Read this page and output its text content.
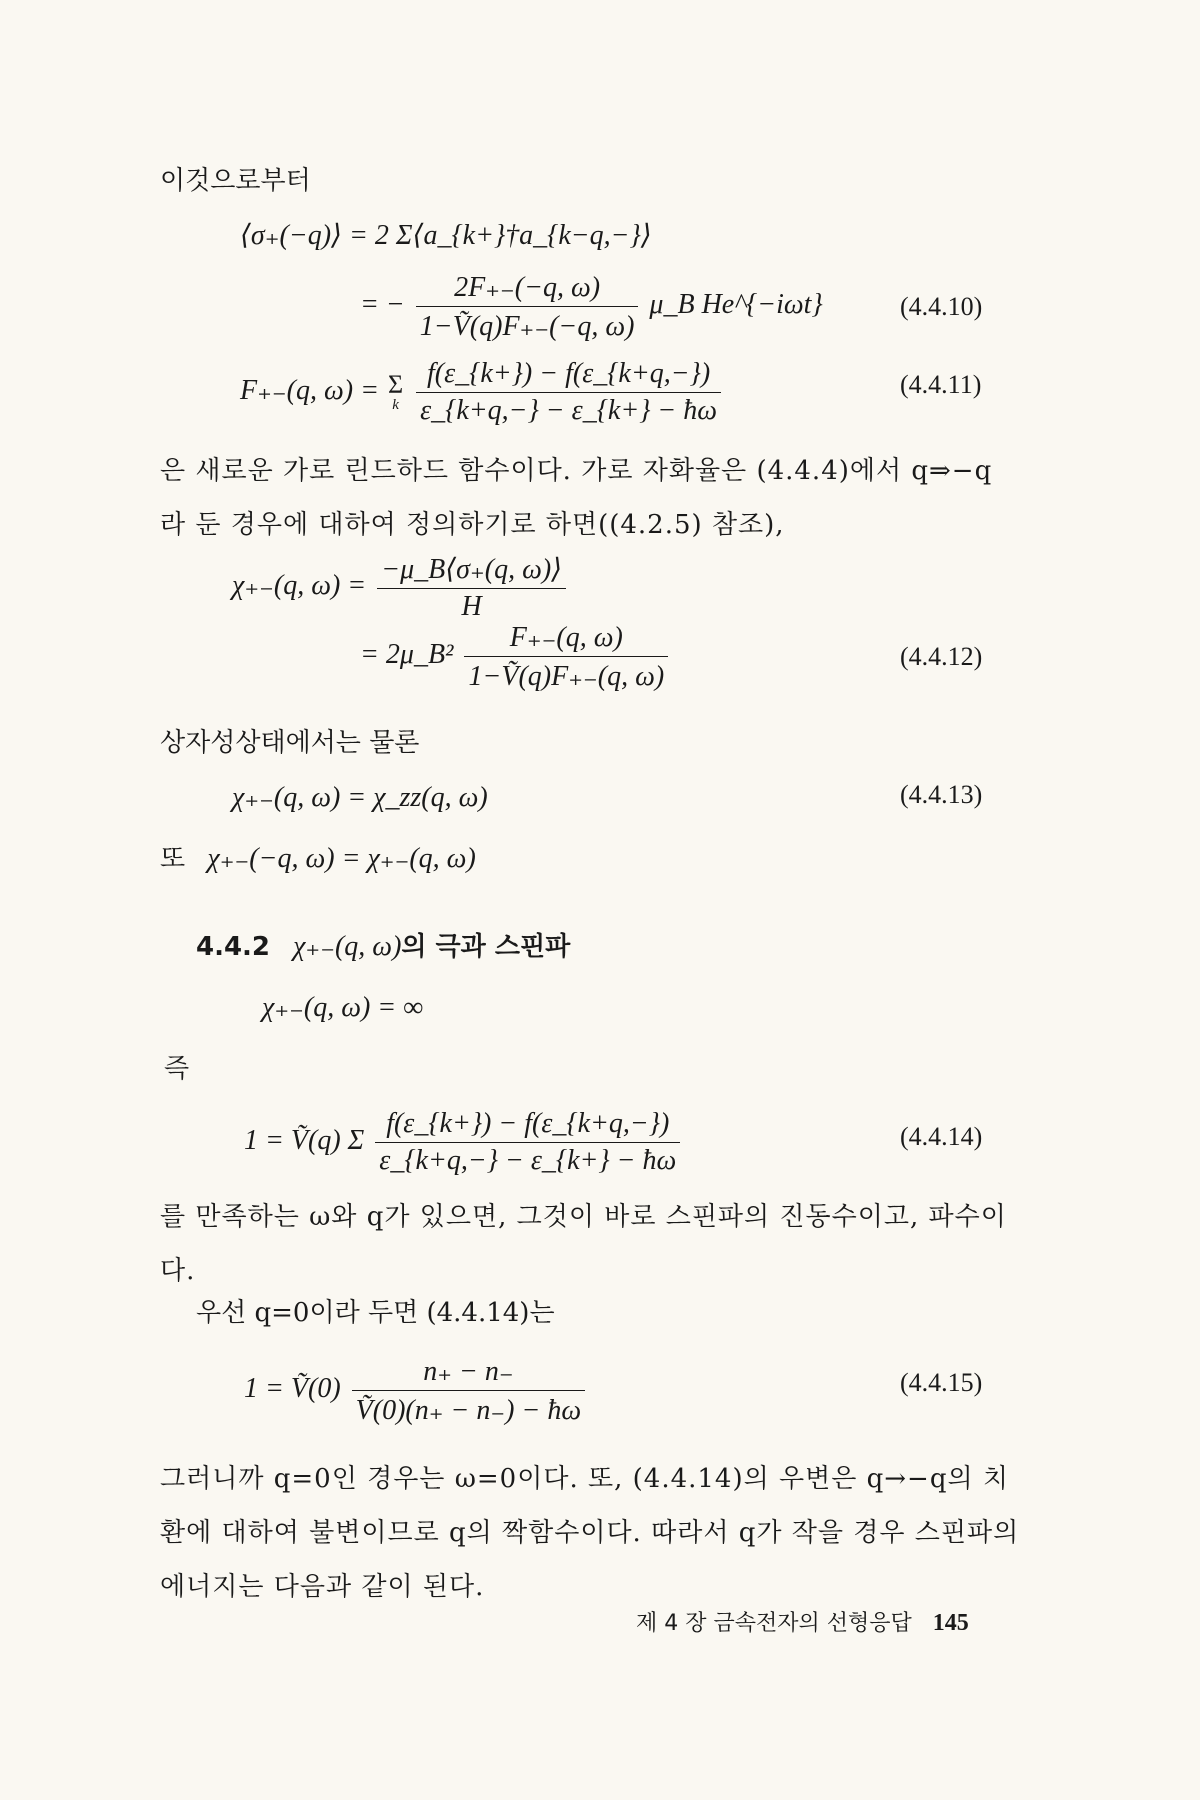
이것으로부터
⟨σ₊(−q)⟩ = 2 Σ⟨a_{k+}†a_{k−q,−}⟩
= − $\frac{2F_{+-}(-q, \omega)}{\text{1−Ṽ(q)F₊₋(−q, ω)}}$ μ_B He^{−iωt}	(4.4.10)
F₊₋(q, ω) = Σ
k
$\frac{f(\varepsilon\_\{k+\}) - f(\varepsilon\_\{k+q,-\})}{\varepsilon\_\{k+q,-\} - \varepsilon\_\{k+\} - ħ\omega}$	(4.4.11)
은 새로운 가로 린드하드 함수이다. 가로 자화율은 (4.4.4)에서 q⇒−q 라 둔 경우에 대하여 정의하기로 하면((4.2.5) 참조),
χ₊₋(q, $\omega) = \frac{-\mu\_B⟨\sigma_+(q, \omega)⟩}{H}$
= 2μ_B² $\frac{F_{+-}(q, \omega)}{\text{1−Ṽ(q)F₊₋(q, ω)}}$	(4.4.12)
상자성상태에서는 물론
χ₊₋(q, ω) = χ_zz(q, ω)	(4.4.13)
또 χ₊₋(−q, ω) = χ₊₋(q, ω)
4.4.2 χ₊₋(q, ω)의 극과 스핀파
χ₊₋(q, ω) = ∞
즉
1 = Ṽ(q) Σ $\frac{f(\varepsilon\_\{k+\}) - f(\varepsilon\_\{k+q,-\})}{\varepsilon\_\{k+q,-\} - \varepsilon\_\{k+\} - ħ\omega}$	(4.4.14)
를 만족하는 ω와 q가 있으면, 그것이 바로 스핀파의 진동수이고, 파수이다.
우선 q=0이라 두면 (4.4.14)는
1 = Ṽ(0) $\frac{n_+ - n_-}{\text{Ṽ(0)(n₊ − n₋) − ħω}}$	(4.4.15)
그러니까 q=0인 경우는 ω=0이다. 또, (4.4.14)의 우변은 q→−q의 치환에 대하여 불변이므로 q의 짝함수이다. 따라서 q가 작을 경우 스핀파의 에너지는 다음과 같이 된다.
제 4 장 금속전자의 선형응답 145
